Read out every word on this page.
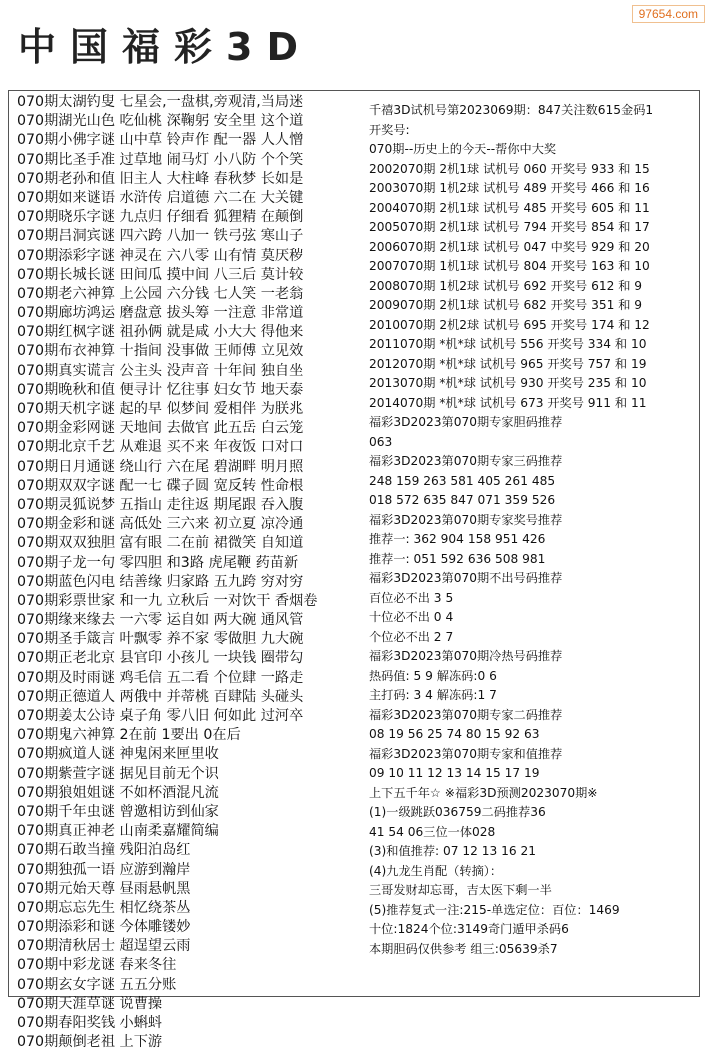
中国福彩3D
97654.com
070期太湖钓叟 七星会,一盘棋,旁观清,当局迷
070期湖光山色 吃仙桃 深鞠躬 安全里 这个道
070期小佛字谜 山中草 铃声作 配一器 人人憎
070期比圣手准 过草地 闹马灯 小八防 个个笑
070期老孙和值 旧主人 大柱峰 春秋梦 长如是
070期如来谜语 水浒传 启道德 六二在 大关键
070期晓乐字谜 九点归 仔细看 狐狸精 在颠倒
070期吕洞宾谜 四六跨 八加一 铁弓弦 寒山子
070期添彩字谜 神灵在 六八零 山有情 莫厌秽
070期长城长谜 田间瓜 摸中间 八三后 莫计较
070期老六神算 上公园 六分钱 七人笑 一老翁
070期廊坊鸿运 磨盘意 拔头筹 一注意 非常道
070期红枫字谜 祖孙俩 就是咸 小大大 得他来
070期布衣神算 十指间 没事做 王师傅 立见效
070期真实谎言 公主头 没声音 十年间 独自坐
070期晚秋和值 便寻计 忆往事 妇女节 地天泰
070期天机字谜 起的早 似梦间 爱相伴 为朕兆
070期金彩网谜 天地间 去做官 此五岳 白云笼
070期北京千艺 从难退 买不来 年夜饭 口对口
070期日月通谜 绕山行 六在尾 碧湖畔 明月照
070期双双字谜 配一七 碟子圆 宽反转 性命根
070期灵狐说梦 五指山 走往返 期尾跟 吞入腹
070期金彩和谜 高低处 三六来 初立夏 凉冷通
070期双双独胆 富有眼 二在前 裙微笑 自知道
070期子龙一句 零四胆 和3路 虎尾鞭 药苗新
070期蓝色闪电 结善缘 归家路 五九跨 穷对穷
070期彩票世家 和一九 立秋后 一对饮干 香烟卷
070期缘来缘去 一六零 运自如 两大碗 通风管
070期圣手箴言 叶飘零 养不家 零做胆 九大碗
070期正老北京 县官印 小孩儿 一块钱 圈带勾
070期及时雨谜 鸡毛信 五二看 个位肆 一路走
070期正德道人 两俄中 并蒂桃 百肆陆 头碰头
070期姜太公诗 桌子角 零八旧 何如此 过河卒
070期鬼六神算 2在前 1要出 0在后
070期疯道人谜 神鬼闲来匣里收
070期紫萱字谜 据见目前无个识
070期狼姐姐谜 不如杯酒混凡流
070期千年虫谜 曾邀相访到仙家
070期真正神老 山南柔嘉耀简编
070期石敢当撞 残阳泊岛红
070期独孤一语 应游到瀚岸
070期元始天尊 昼雨悬帆黑
070期忘忘先生 相忆绕茶丛
070期添彩和谜 今体雕镂妙
070期清秋居士 超逞望云雨
070期中彩龙谜 春来冬往
070期玄女字谜 五五分账
070期天涯草谜 说曹操
070期春阳奖钱 小蝌蚪
070期颠倒老祖 上下游
千禧3D试机号第2023069期：847关注数615金码1
开奖号:
070期--历史上的今天--帮你中大奖
2002070期 2机1球 试机号 060 开奖号 933 和 15
2003070期 1机2球 试机号 489 开奖号 466 和 16
2004070期 2机1球 试机号 485 开奖号 605 和 11
2005070期 2机1球 试机号 794 开奖号 854 和 17
2006070期 2机1球 试机号 047 中奖号 929 和 20
2007070期 1机1球 试机号 804 开奖号 163 和 10
2008070期 1机2球 试机号 692 开奖号 612 和 9
2009070期 2机1球 试机号 682 开奖号 351 和 9
2010070期 2机2球 试机号 695 开奖号 174 和 12
2011070期 *机*球 试机号 556 开奖号 334 和 10
2012070期 *机*球 试机号 965 开奖号 757 和 19
2013070期 *机*球 试机号 930 开奖号 235 和 10
2014070期 *机*球 试机号 673 开奖号 911 和 11
福彩3D2023第070期专家胆码推荐
063
福彩3D2023第070期专家三码推荐
248 159 263 581 405 261 485
018 572 635 847 071 359 526
福彩3D2023第070期专家奖号推荐
推荐一: 362 904 158 951 426
推荐一: 051 592 636 508 981
福彩3D2023第070期不出号码推荐
百位必不出 3 5
十位必不出 0 4
个位必不出 2 7
福彩3D2023第070期冷热号码推荐
热码值: 5 9 解冻码:0 6
主打码: 3 4 解冻码:1 7
福彩3D2023第070期专家二码推荐
08 19 56 25 74 80 15 92 63
福彩3D2023第070期专家和值推荐
09 10 11 12 13 14 15 17 19
上下五千年☆ ※福彩3D预测2023070期※
(1)一级跳跃036759二码推荐36
41 54 06三位一体028
(3)和值推荐: 07 12 13 16 21
(4)九龙生肖配（转摘）：
三哥发财却忘哥，吉太医下剩一半
(5)推荐复式一注:215-单选定位：百位：1469
十位:1824个位:3149奇门遁甲杀码6
本期胆码仅供参考 组三:05639杀7
